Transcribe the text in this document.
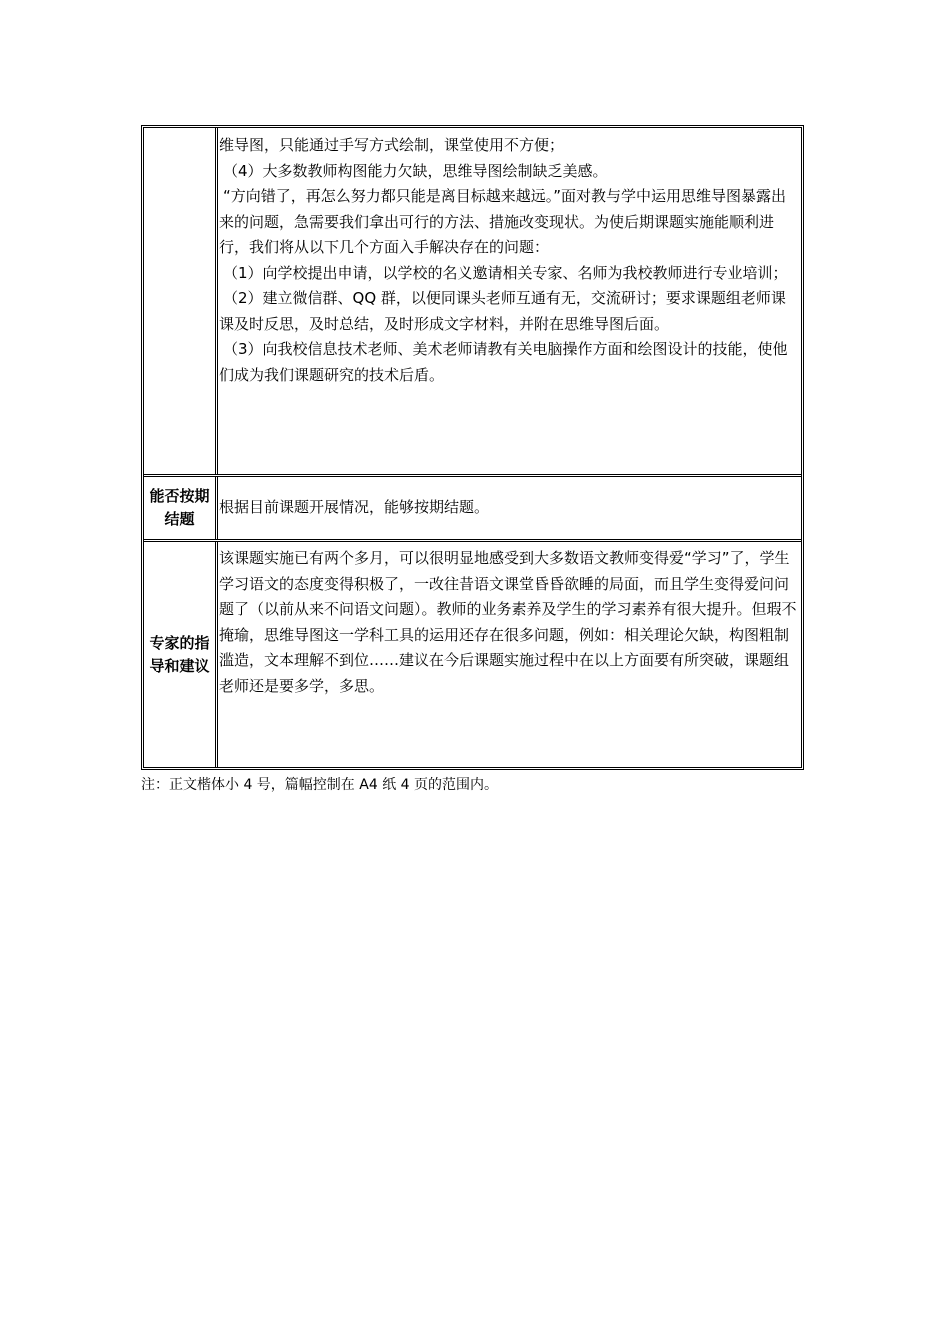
维导图，只能通过手写方式绘制，课堂使用不方便；

（4）大多数教师构图能力欠缺，思维导图绘制缺乏美感。

“方向错了，再怎么努力都只能是离目标越来越远。”面对教与学中运用思维导图暴露出来的问题，急需要我们拿出可行的方法、措施改变现状。为使后期课题实施能顺利进行，我们将从以下几个方面入手解决存在的问题：

（1）向学校提出申请，以学校的名义邀请相关专家、名师为我校教师进行专业培训；

（2）建立微信群、QQ 群，以便同课头老师互通有无，交流研讨；要求课题组老师课课及时反思，及时总结，及时形成文字材料，并附在思维导图后面。

（3）向我校信息技术老师、美术老师请教有关电脑操作方面和绘图设计的技能，使他们成为我们课题研究的技术后盾。

能否按期结题
根据目前课题开展情况，能够按期结题。
专家的指导和建议

该课题实施已有两个多月，可以很明显地感受到大多数语文教师变得爱“学习”了，学生学习语文的态度变得积极了，一改往昔语文课堂昏昏欲睡的局面，而且学生变得爱问问题了（以前从来不问语文问题）。教师的业务素养及学生的学习素养有很大提升。但瑕不掩瑜，思维导图这一学科工具的运用还存在很多问题，例如：相关理论欠缺，构图粗制滥造，文本理解不到位……建议在今后课题实施过程中在以上方面要有所突破，课题组老师还是要多学，多思。

注：正文楷体小 4 号，篇幅控制在 A4 纸 4 页的范围内。
